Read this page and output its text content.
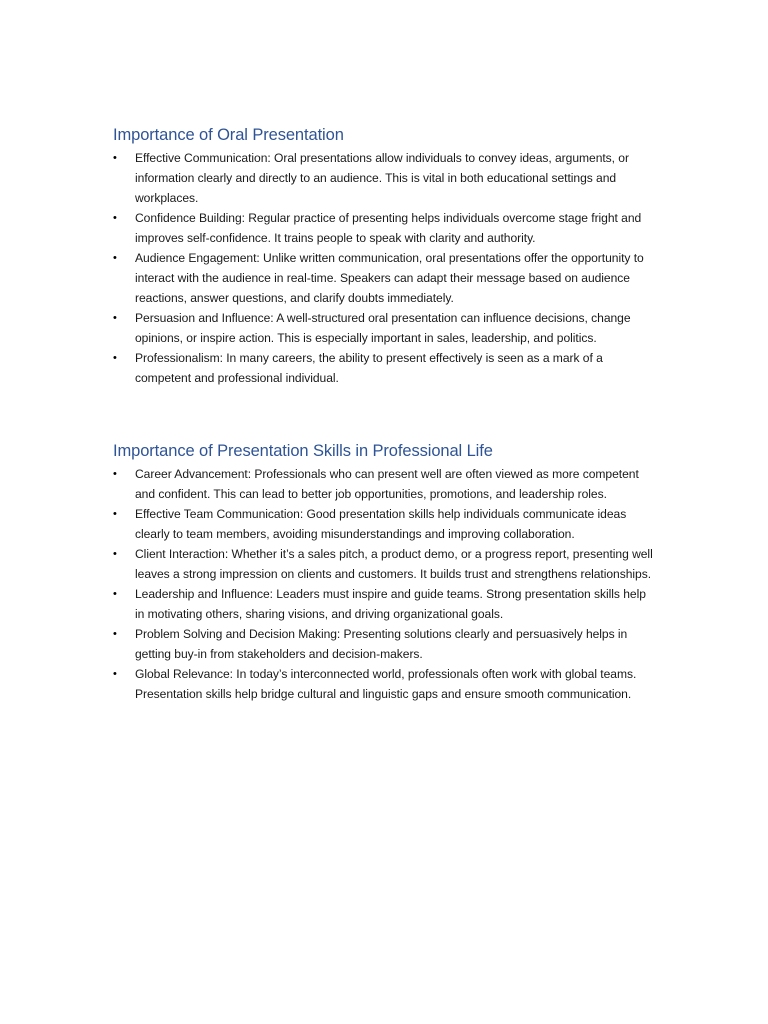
Importance of Oral Presentation
•	Effective Communication: Oral presentations allow individuals to convey ideas, arguments, or information clearly and directly to an audience. This is vital in both educational settings and workplaces.
•	Confidence Building: Regular practice of presenting helps individuals overcome stage fright and improves self-confidence. It trains people to speak with clarity and authority.
•	Audience Engagement: Unlike written communication, oral presentations offer the opportunity to interact with the audience in real-time. Speakers can adapt their message based on audience reactions, answer questions, and clarify doubts immediately.
•	Persuasion and Influence: A well-structured oral presentation can influence decisions, change opinions, or inspire action. This is especially important in sales, leadership, and politics.
•	Professionalism: In many careers, the ability to present effectively is seen as a mark of a competent and professional individual.
Importance of Presentation Skills in Professional Life
•	Career Advancement: Professionals who can present well are often viewed as more competent and confident. This can lead to better job opportunities, promotions, and leadership roles.
•	Effective Team Communication: Good presentation skills help individuals communicate ideas clearly to team members, avoiding misunderstandings and improving collaboration.
•	Client Interaction: Whether it’s a sales pitch, a product demo, or a progress report, presenting well leaves a strong impression on clients and customers. It builds trust and strengthens relationships.
•	Leadership and Influence: Leaders must inspire and guide teams. Strong presentation skills help in motivating others, sharing visions, and driving organizational goals.
•	Problem Solving and Decision Making: Presenting solutions clearly and persuasively helps in getting buy-in from stakeholders and decision-makers.
•	Global Relevance: In today’s interconnected world, professionals often work with global teams. Presentation skills help bridge cultural and linguistic gaps and ensure smooth communication.
